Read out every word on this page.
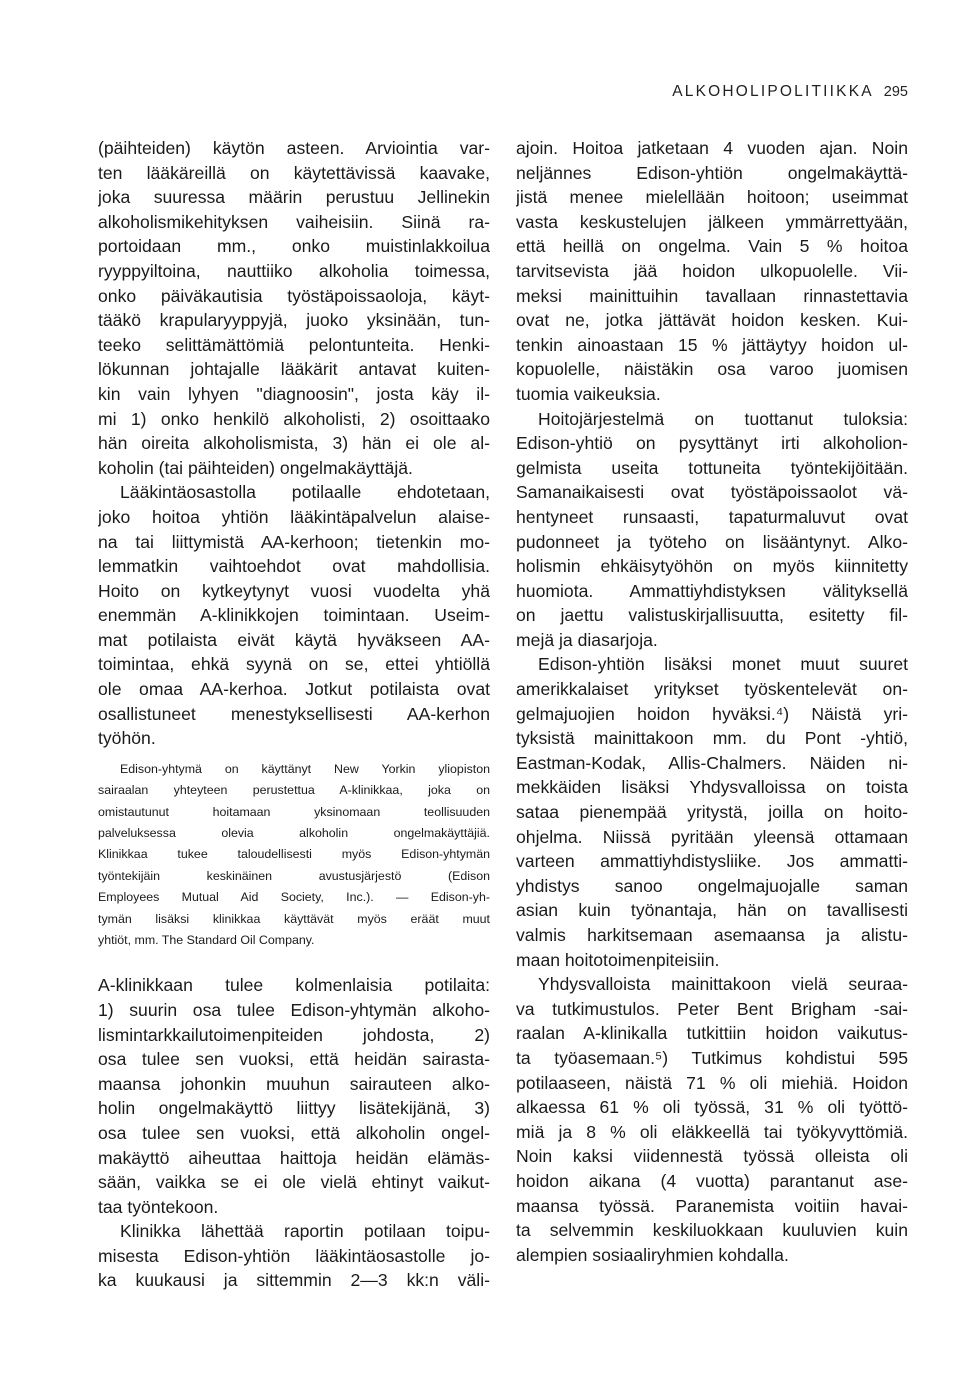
ALKOHOLIPOLITIIKKA 295
(päihteiden) käytön asteen. Arviointia var-
ten lääkäreillä on käytettävissä kaavake,
joka suuressa määrin perustuu Jellinekin
alkoholismikehityksen vaiheisiin. Siinä ra-
portoidaan mm., onko muistinlakkoilua
ryyppyiltoina, nauttiiko alkoholia toimessa,
onko päiväkautisia työstäpoissaoloja, käyt-
tääkö krapularyyppyjä, juoko yksinään, tun-
teeko selittämättömiä pelontunteita. Henki-
lökunnan johtajalle lääkärit antavat kuiten-
kin vain lyhyen "diagnoosin", josta käy il-
mi 1) onko henkilö alkoholisti, 2) osoittaako
hän oireita alkoholismista, 3) hän ei ole al-
koholin (tai päihteiden) ongelmakäyttäjä.
Lääkintäosastolla potilaalle ehdotetaan,
joko hoitoa yhtiön lääkintäpalvelun alaise-
na tai liittymistä AA-kerhoon; tietenkin mo-
lemmatkin vaihtoehdot ovat mahdollisia.
Hoito on kytkeytynyt vuosi vuodelta yhä
enemmän A-klinikkojen toimintaan. Useim-
mat potilaista eivät käytä hyväkseen AA-
toimintaa, ehkä syynä on se, ettei yhtiöllä
ole omaa AA-kerhoa. Jotkut potilaista ovat
osallistuneet menestyksellisesti AA-kerhon
työhön.
Edison-yhtymä on käyttänyt New Yorkin yliopiston
sairaalan yhteyteen perustettua A-klinikkaa, joka on
omistautunut hoitamaan yksinomaan teollisuuden
palveluksessa olevia alkoholin ongelmakäyttäjiä.
Klinikkaa tukee taloudellisesti myös Edison-yhtymän
työntekijäin keskinäinen avustusjärjestö (Edison
Employees Mutual Aid Society, Inc.). — Edison-yh-
tymän lisäksi klinikkaa käyttävät myös eräät muut
yhtiöt, mm. The Standard Oil Company.
A-klinikkaan tulee kolmenlaisia potilaita:
1) suurin osa tulee Edison-yhtymän alkoho-
lismintarkkailutoimenpiteiden johdosta, 2)
osa tulee sen vuoksi, että heidän sairasta-
maansa johonkin muuhun sairauteen alko-
holin ongelmakäyttö liittyy lisätekijänä, 3)
osa tulee sen vuoksi, että alkoholin ongel-
makäyttö aiheuttaa haittoja heidän elämäs-
sään, vaikka se ei ole vielä ehtinyt vaikut-
taa työntekoon.
Klinikka lähettää raportin potilaan toipu-
misesta Edison-yhtiön lääkintäosastolle jo-
ka kuukausi ja sittemmin 2—3 kk:n väli-
ajoin. Hoitoa jatketaan 4 vuoden ajan. Noin
neljännes Edison-yhtiön ongelmakäyttä-
jistä menee mielellään hoitoon; useimmat
vasta keskustelujen jälkeen ymmärrettyään,
että heillä on ongelma. Vain 5 % hoitoa
tarvitsevista jää hoidon ulkopuolelle. Vii-
meksi mainittuihin tavallaan rinnastettavia
ovat ne, jotka jättävät hoidon kesken. Kui-
tenkin ainoastaan 15 % jättäytyy hoidon ul-
kopuolelle, näistäkin osa varoo juomisen
tuomia vaikeuksia.
Hoitojärjestelmä on tuottanut tuloksia:
Edison-yhtiö on pysyttänyt irti alkoholion-
gelmista useita tottuneita työntekijöitään.
Samanaikaisesti ovat työstäpoissaolot vä-
hentyneet runsaasti, tapaturmaluvut ovat
pudonneet ja työteho on lisääntynyt. Alko-
holismin ehkäisytyöhön on myös kiinnitetty
huomiota. Ammattiyhdistyksen välityksellä
on jaettu valistuskirjallisuutta, esitetty fil-
mejä ja diasarjoja.
Edison-yhtiön lisäksi monet muut suuret
amerikkalaiset yritykset työskentelevät on-
gelmajuojien hoidon hyväksi.⁴) Näistä yri-
tyksistä mainittakoon mm. du Pont -yhtiö,
Eastman-Kodak, Allis-Chalmers. Näiden ni-
mekkäiden lisäksi Yhdysvalloissa on toista
sataa pienempää yritystä, joilla on hoito-
ohjelma. Niissä pyritään yleensä ottamaan
varteen ammattiyhdistysliike. Jos ammatti-
yhdistys sanoo ongelmajuojalle saman
asian kuin työnantaja, hän on tavallisesti
valmis harkitsemaan asemaansa ja alistu-
maan hoitotoimenpiteisiin.
Yhdysvalloista mainittakoon vielä seuraa-
va tutkimustulos. Peter Bent Brigham -sai-
raalan A-klinikalla tutkittiin hoidon vaikutus-
ta työasemaan.⁵) Tutkimus kohdistui 595
potilaaseen, näistä 71 % oli miehiä. Hoidon
alkaessa 61 % oli työssä, 31 % oli työttö-
miä ja 8 % oli eläkkeellä tai työkyvyttömiä.
Noin kaksi viidennestä työssä olleista oli
hoidon aikana (4 vuotta) parantanut ase-
maansa työssä. Paranemista voitiin havai-
ta selvemmin keskiluokkaan kuuluvien kuin
alempien sosiaaliryhmien kohdalla.
